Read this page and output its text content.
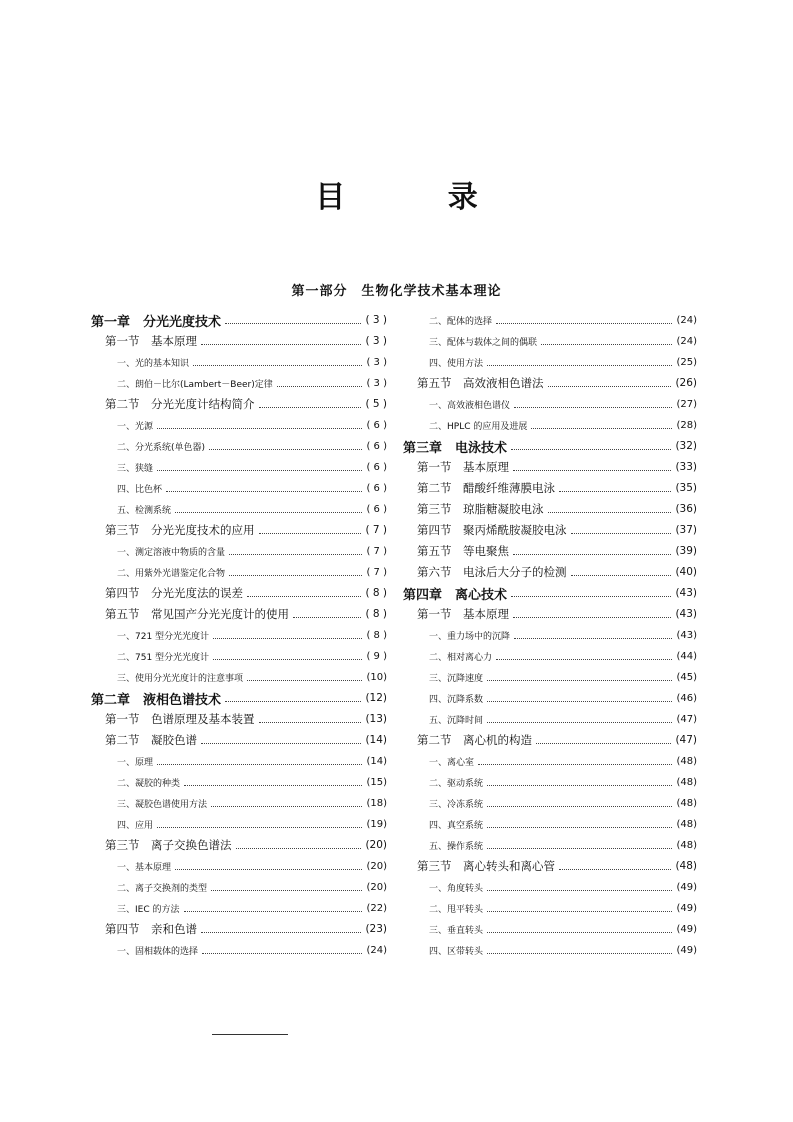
目 录
第一部分　生物化学技术基本理论
第一章　分光光度技术	( 3 )
第一节　基本原理	( 3 )
一、光的基本知识	( 3 )
二、朗伯－比尔(Lambert－Beer)定律	( 3 )
第二节　分光光度计结构简介	( 5 )
一、光源	( 6 )
二、分光系统(单色器)	( 6 )
三、狭缝	( 6 )
四、比色杯	( 6 )
五、检测系统	( 6 )
第三节　分光光度技术的应用	( 7 )
一、测定溶液中物质的含量	( 7 )
二、用紫外光谱鉴定化合物	( 7 )
第四节　分光光度法的误差	( 8 )
第五节　常见国产分光光度计的使用	( 8 )
一、721 型分光光度计	( 8 )
二、751 型分光光度计	( 9 )
三、使用分光光度计的注意事项	(10)
第二章　液相色谱技术	(12)
第一节　色谱原理及基本装置	(13)
第二节　凝胶色谱	(14)
一、原理	(14)
二、凝胶的种类	(15)
三、凝胶色谱使用方法	(18)
四、应用	(19)
第三节　离子交换色谱法	(20)
一、基本原理	(20)
二、离子交换剂的类型	(20)
三、IEC 的方法	(22)
第四节　亲和色谱	(23)
一、固相载体的选择	(24)
二、配体的选择	(24)
三、配体与载体之间的偶联	(24)
四、使用方法	(25)
第五节　高效液相色谱法	(26)
一、高效液相色谱仪	(27)
二、HPLC 的应用及进展	(28)
第三章　电泳技术	(32)
第一节　基本原理	(33)
第二节　醋酸纤维薄膜电泳	(35)
第三节　琼脂糖凝胶电泳	(36)
第四节　聚丙烯酰胺凝胶电泳	(37)
第五节　等电聚焦	(39)
第六节　电泳后大分子的检测	(40)
第四章　离心技术	(43)
第一节　基本原理	(43)
一、重力场中的沉降	(43)
二、相对离心力	(44)
三、沉降速度	(45)
四、沉降系数	(46)
五、沉降时间	(47)
第二节　离心机的构造	(47)
一、离心室	(48)
二、驱动系统	(48)
三、冷冻系统	(48)
四、真空系统	(48)
五、操作系统	(48)
第三节　离心转头和离心管	(48)
一、角度转头	(49)
二、甩平转头	(49)
三、垂直转头	(49)
四、区带转头	(49)
